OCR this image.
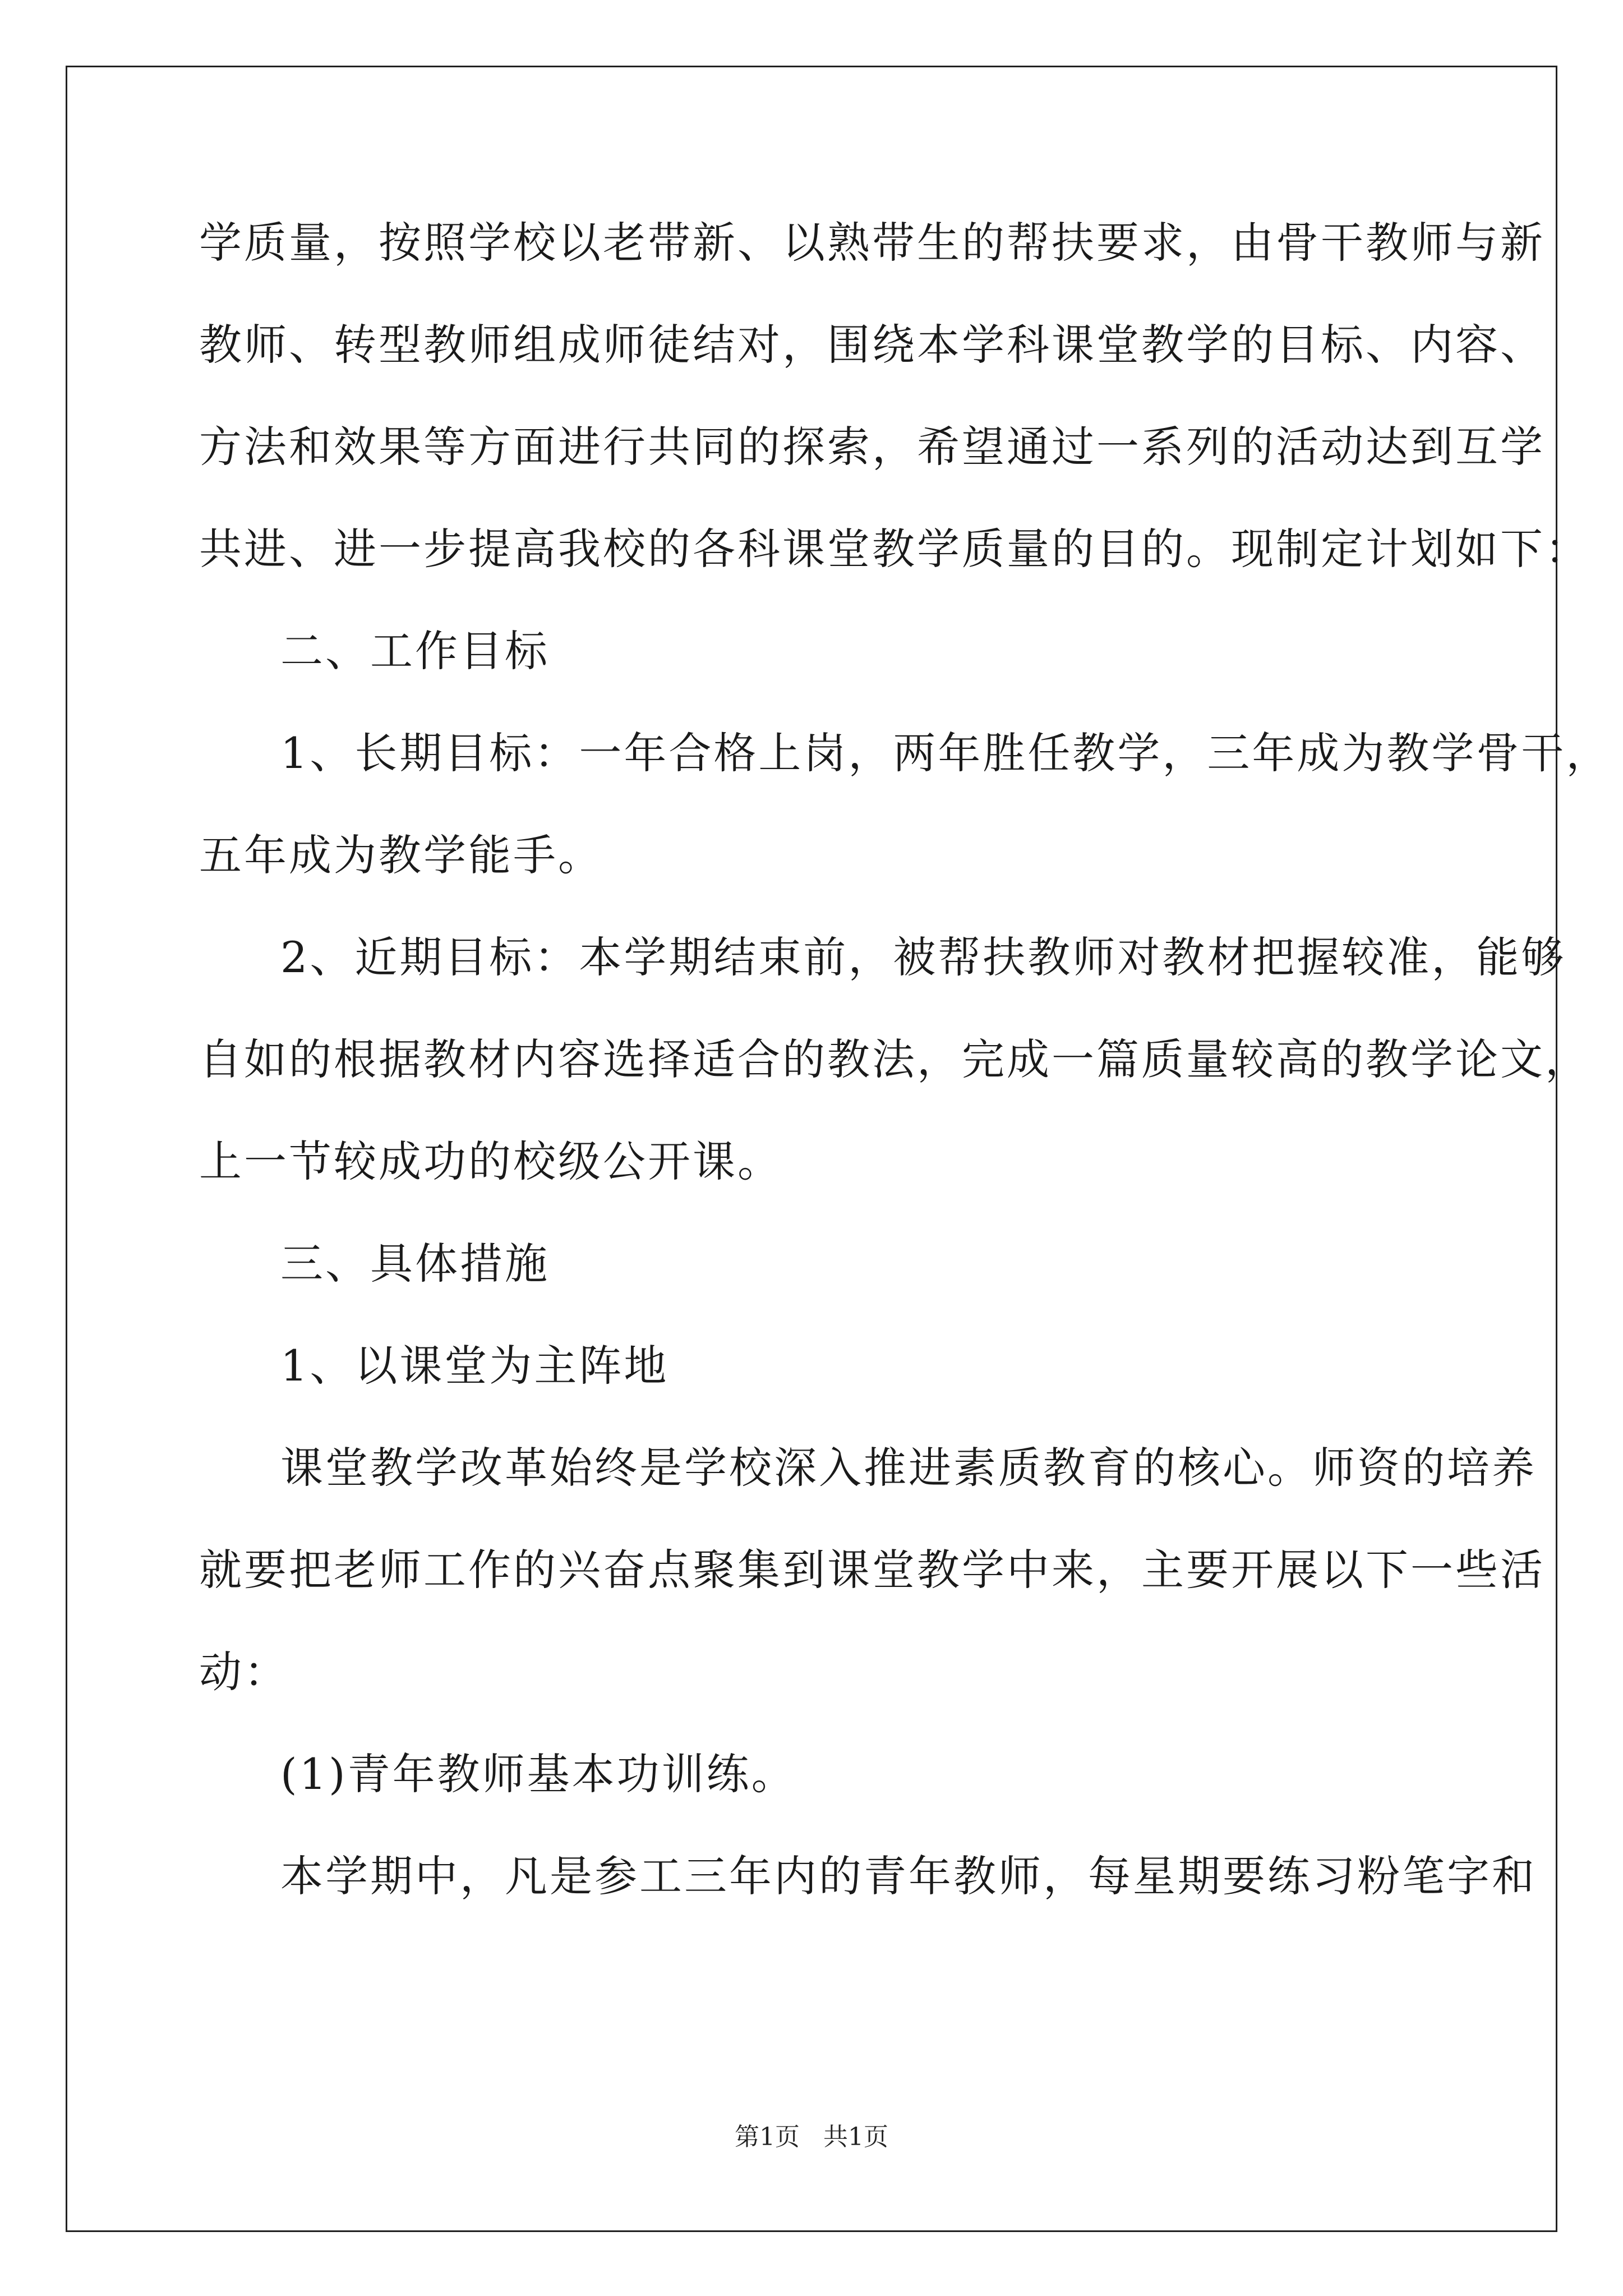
学质量，按照学校以老带新、以熟带生的帮扶要求，由骨干教师与新
教师、转型教师组成师徒结对，围绕本学科课堂教学的目标、内容、
方法和效果等方面进行共同的探索，希望通过一系列的活动达到互学
共进、进一步提高我校的各科课堂教学质量的目的。现制定计划如下：
二、工作目标
1、长期目标：一年合格上岗，两年胜任教学，三年成为教学骨干，
五年成为教学能手。
2、近期目标：本学期结束前，被帮扶教师对教材把握较准，能够
自如的根据教材内容选择适合的教法，完成一篇质量较高的教学论文，
上一节较成功的校级公开课。
三、具体措施
1、以课堂为主阵地
课堂教学改革始终是学校深入推进素质教育的核心。师资的培养
就要把老师工作的兴奋点聚集到课堂教学中来，主要开展以下一些活
动：
(1)青年教师基本功训练。
本学期中，凡是参工三年内的青年教师，每星期要练习粉笔字和
第1页   共1页
